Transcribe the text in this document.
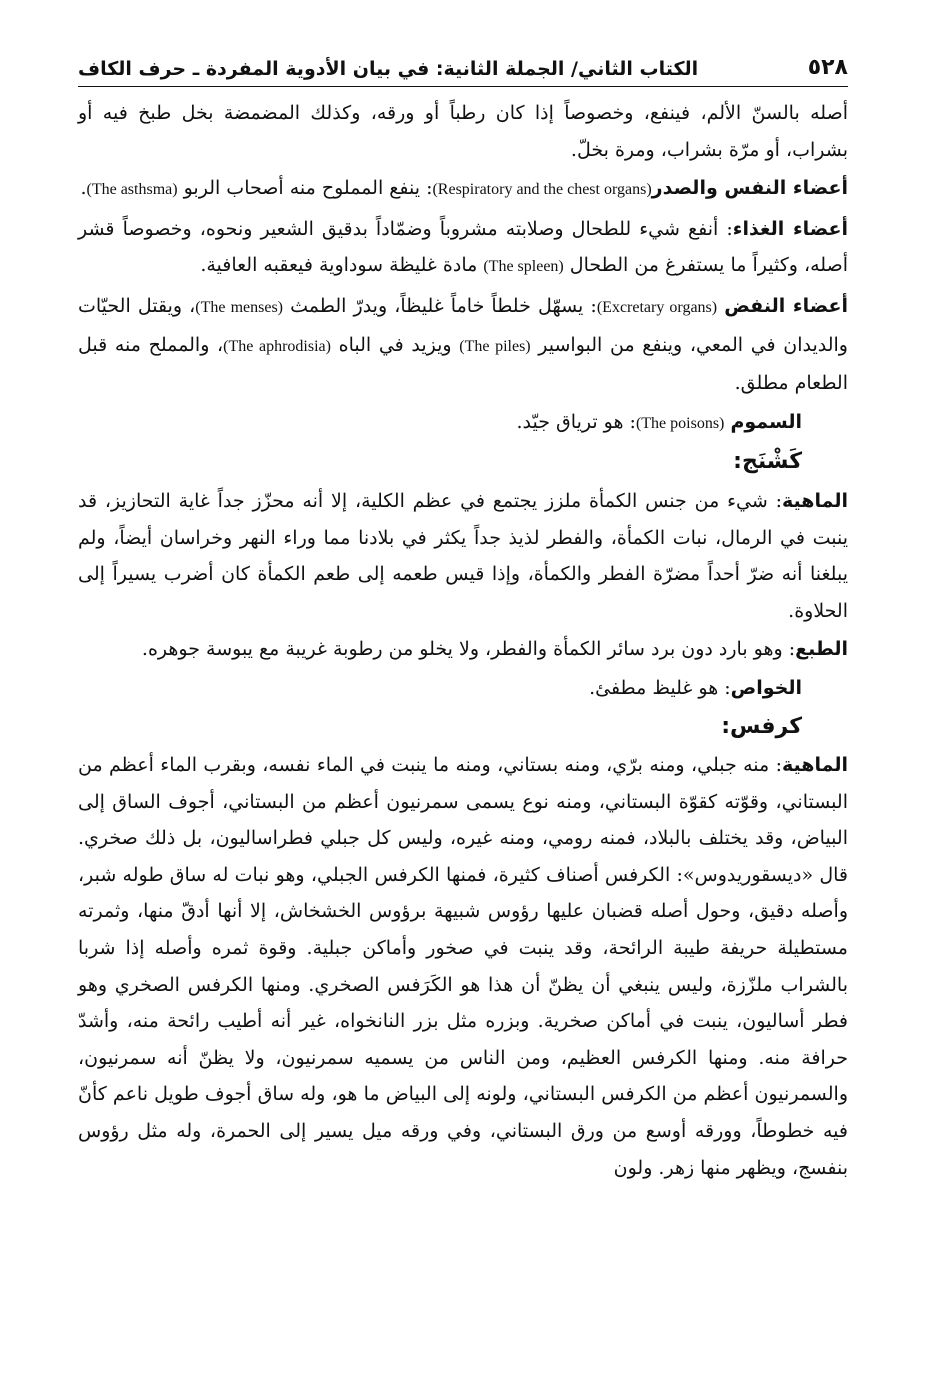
٥٢٨
الكتاب الثاني/ الجملة الثانية: في بيان الأدوية المفردة ـ حرف الكاف

أصله بالسنّ الألم، فينفع، وخصوصاً إذا كان رطباً أو ورقه، وكذلك المضمضة بخل طبخ فيه أو بشراب، أو مرّة بشراب، ومرة بخلّ.

أعضاء النفس والصدر(Respiratory and the chest organs): ينفع المملوح منه أصحاب الربو (The asthsma).

أعضاء الغذاء: أنفع شيء للطحال وصلابته مشروباً وضمّاداً بدقيق الشعير ونحوه، وخصوصاً قشر أصله، وكثيراً ما يستفرغ من الطحال (The spleen) مادة غليظة سوداوية فيعقبه العافية.

أعضاء النفض (Excretary organs): يسهّل خلطاً خاماً غليظاً، ويدرّ الطمث (The menses)، ويقتل الحيّات والديدان في المعي، وينفع من البواسير (The piles) ويزيد في الباه (The aphrodisia)، والمملح منه قبل الطعام مطلق.

السموم (The poisons): هو ترياق جيّد.

كَشْنَج:

الماهية: شيء من جنس الكمأة ملزز يجتمع في عظم الكلية، إلا أنه محزّز جداً غاية التحازيز، قد ينبت في الرمال، نبات الكمأة، والفطر لذيذ جداً يكثر في بلادنا مما وراء النهر وخراسان أيضاً، ولم يبلغنا أنه ضرّ أحداً مضرّة الفطر والكمأة، وإذا قيس طعمه إلى طعم الكمأة كان أضرب يسيراً إلى الحلاوة.

الطبع: وهو بارد دون برد سائر الكمأة والفطر، ولا يخلو من رطوبة غريبة مع يبوسة جوهره.

الخواص: هو غليظ مطفئ.

كرفس:

الماهية: منه جبلي، ومنه برّي، ومنه بستاني، ومنه ما ينبت في الماء نفسه، وبقرب الماء أعظم من البستاني، وقوّته كقوّة البستاني، ومنه نوع يسمى سمرنيون أعظم من البستاني، أجوف الساق إلى البياض، وقد يختلف بالبلاد، فمنه رومي، ومنه غيره، وليس كل جبلي فطراساليون، بل ذلك صخري. قال «ديسقوريدوس»: الكرفس أصناف كثيرة، فمنها الكرفس الجبلي، وهو نبات له ساق طوله شبر، وأصله دقيق، وحول أصله قضبان عليها رؤوس شبيهة برؤوس الخشخاش، إلا أنها أدقّ منها، وثمرته مستطيلة حريفة طيبة الرائحة، وقد ينبت في صخور وأماكن جبلية. وقوة ثمره وأصله إذا شربا بالشراب ملزّزة، وليس ينبغي أن يظنّ أن هذا هو الكَرَفس الصخري. ومنها الكرفس الصخري وهو فطر أساليون، ينبت في أماكن صخرية. وبزره مثل بزر النانخواه، غير أنه أطيب رائحة منه، وأشدّ حرافة منه. ومنها الكرفس العظيم، ومن الناس من يسميه سمرنيون، ولا يظنّ أنه سمرنيون، والسمرنيون أعظم من الكرفس البستاني، ولونه إلى البياض ما هو، وله ساق أجوف طويل ناعم كأنّ فيه خطوطاً، وورقه أوسع من ورق البستاني، وفي ورقه ميل يسير إلى الحمرة، وله مثل رؤوس بنفسج، ويظهر منها زهر. ولون
